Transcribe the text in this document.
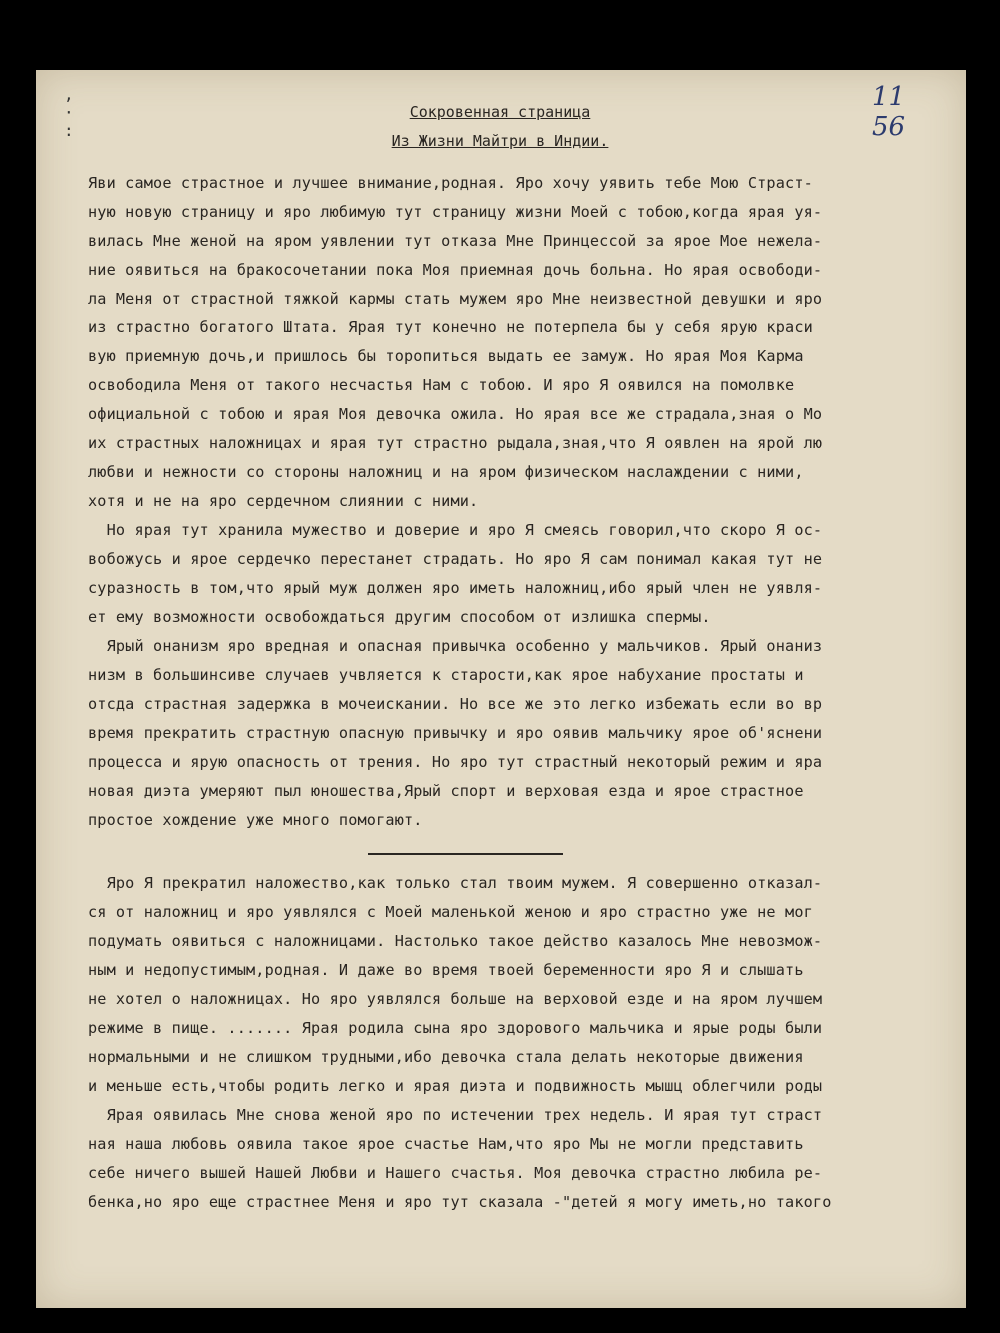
,
·
:
11
56
Сокровенная страница
Из Жизни Майтри в Индии.
Яви самое страстное и лучшее внимание,родная. Яро хочу уявить тебе Мою Страст-
ную новую страницу и яро любимую тут страницу жизни Моей с тобою,когда ярая уя-
вилась Мне женой на яром уявлении тут отказа Мне Принцессой за ярое Мое нежела-
ние оявиться на бракосочетании пока Моя приемная дочь больна. Но ярая освободи-
ла Меня от страстной тяжкой кармы стать мужем яро Мне неизвестной девушки и яро
из страстно богатого Штата. Ярая тут конечно не потерпела бы у себя ярую краси
вую приемную дочь,и пришлось бы торопиться выдать ее замуж. Но ярая Моя Карма
освободила Меня от такого несчастья Нам с тобою. И яро Я оявился на помолвке
официальной с тобою и ярая Моя девочка ожила. Но ярая все же страдала,зная о Мо
их страстных наложницах и ярая тут страстно рыдала,зная,что Я оявлен на ярой лю
любви и нежности со стороны наложниц и на яром физическом наслаждении с ними,
хотя и не на яро сердечном слиянии с ними.
Но ярая тут хранила мужество и доверие и яро Я смеясь говорил,что скоро Я ос-
вобожусь и ярое сердечко перестанет страдать. Но яро Я сам понимал какая тут не
суразность в том,что ярый муж должен яро иметь наложниц,ибо ярый член не уявля-
ет ему возможности освобождаться другим способом от излишка спермы.
Ярый онанизм яро вредная и опасная привычка особенно у мальчиков. Ярый онаниз
низм в большинсиве случаев учвляется к старости,как ярое набухание простаты и
отсда страстная задержка в мочеискании. Но все же это легко избежать если во вр
время прекратить страстную опасную привычку и яро оявив мальчику ярое об'яснени
процесса и ярую опасность от трения. Но яро тут страстный некоторый режим и яра
новая диэта умеряют пыл юношества,Ярый спорт и верховая езда и ярое страстное
простое хождение уже много помогают.
Яро Я прекратил наложество,как только стал твоим мужем. Я совершенно отказал-
ся от наложниц и яро уявлялся с Моей маленькой женою и яро страстно уже не мог
подумать оявиться с наложницами. Настолько такое действо казалось Мне невозмож-
ным и недопустимым,родная. И даже во время твоей беременности яро Я и слышать
не хотел о наложницах. Но яро уявлялся больше на верховой езде и на яром лучшем
режиме в пище. ....... Ярая родила сына яро здорового мальчика и ярые роды были
нормальными и не слишком трудными,ибо девочка стала делать некоторые движения
и меньше есть,чтобы родить легко и ярая диэта и подвижность мышц облегчили роды
Ярая оявилась Мне снова женой яро по истечении трех недель. И ярая тут страст
ная наша любовь оявила такое ярое счастье Нам,что яро Мы не могли представить
себе ничего вышей Нашей Любви и Нашего счастья. Моя девочка страстно любила ре-
бенка,но яро еще страстнее Меня и яро тут сказала -"детей я могу иметь,но такого
